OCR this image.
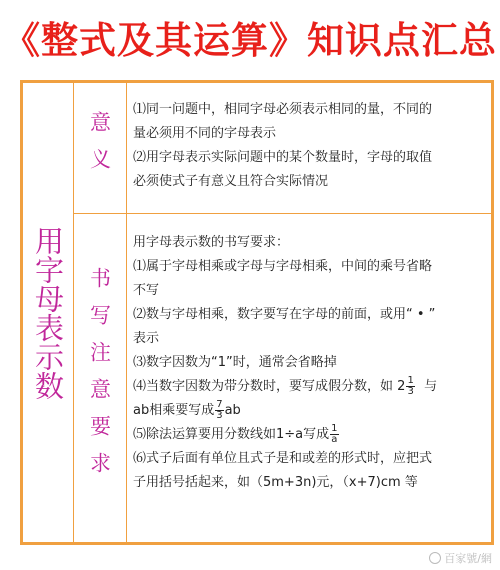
《整式及其运算》知识点汇总
用字母表示数
意义

⑴同一问题中，相同字母必须表示相同的量，不同的

量必须用不同的字母表示

⑵用字母表示实际问题中的某个数量时，字母的取值

必须使式子有意义且符合实际情况

书写注意要求

用字母表示数的书写要求：

⑴属于字母相乘或字母与字母相乘，中间的乘号省略

不写

⑵数与字母相乘，数字要写在字母的前面，或用“ • ”

表示

⑶数字因数为“1”时，通常会省略掉

⑷当数字因数为带分数时，要写成假分数，如 $2 \frac{1}{3}$ 与

ab相乘要写成 $\frac{7}{3}$ ab

⑸除法运算要用分数线如1÷a写成 $\frac{1}{a}$

⑹式子后面有单位且式子是和或差的形式时，应把式

子用括号括起来，如（5m+3n)元，（x+7)cm 等

百家號/網
